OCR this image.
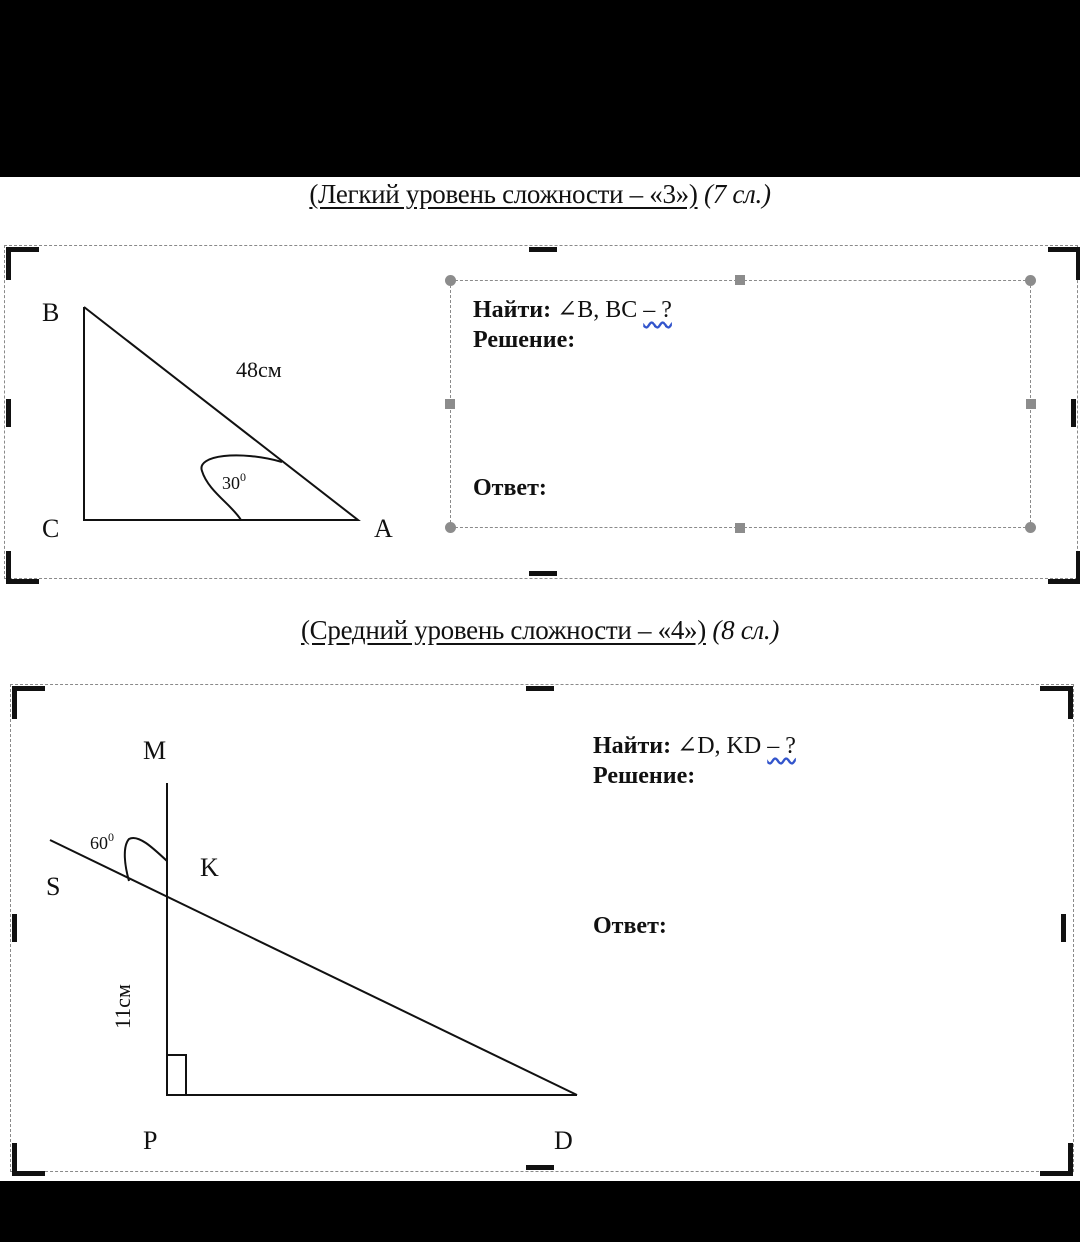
(Легкий уровень сложности – «3») (7 сл.)
B
C	A
48см
$30^0$
Найти: ∠B, BC – ?
Решение:
Ответ:
(Средний уровень сложности – «4») (8 сл.)
M
S
K
P	D
$60^0$
11см
Найти: ∠D, KD – ?
Решение:
Ответ:
